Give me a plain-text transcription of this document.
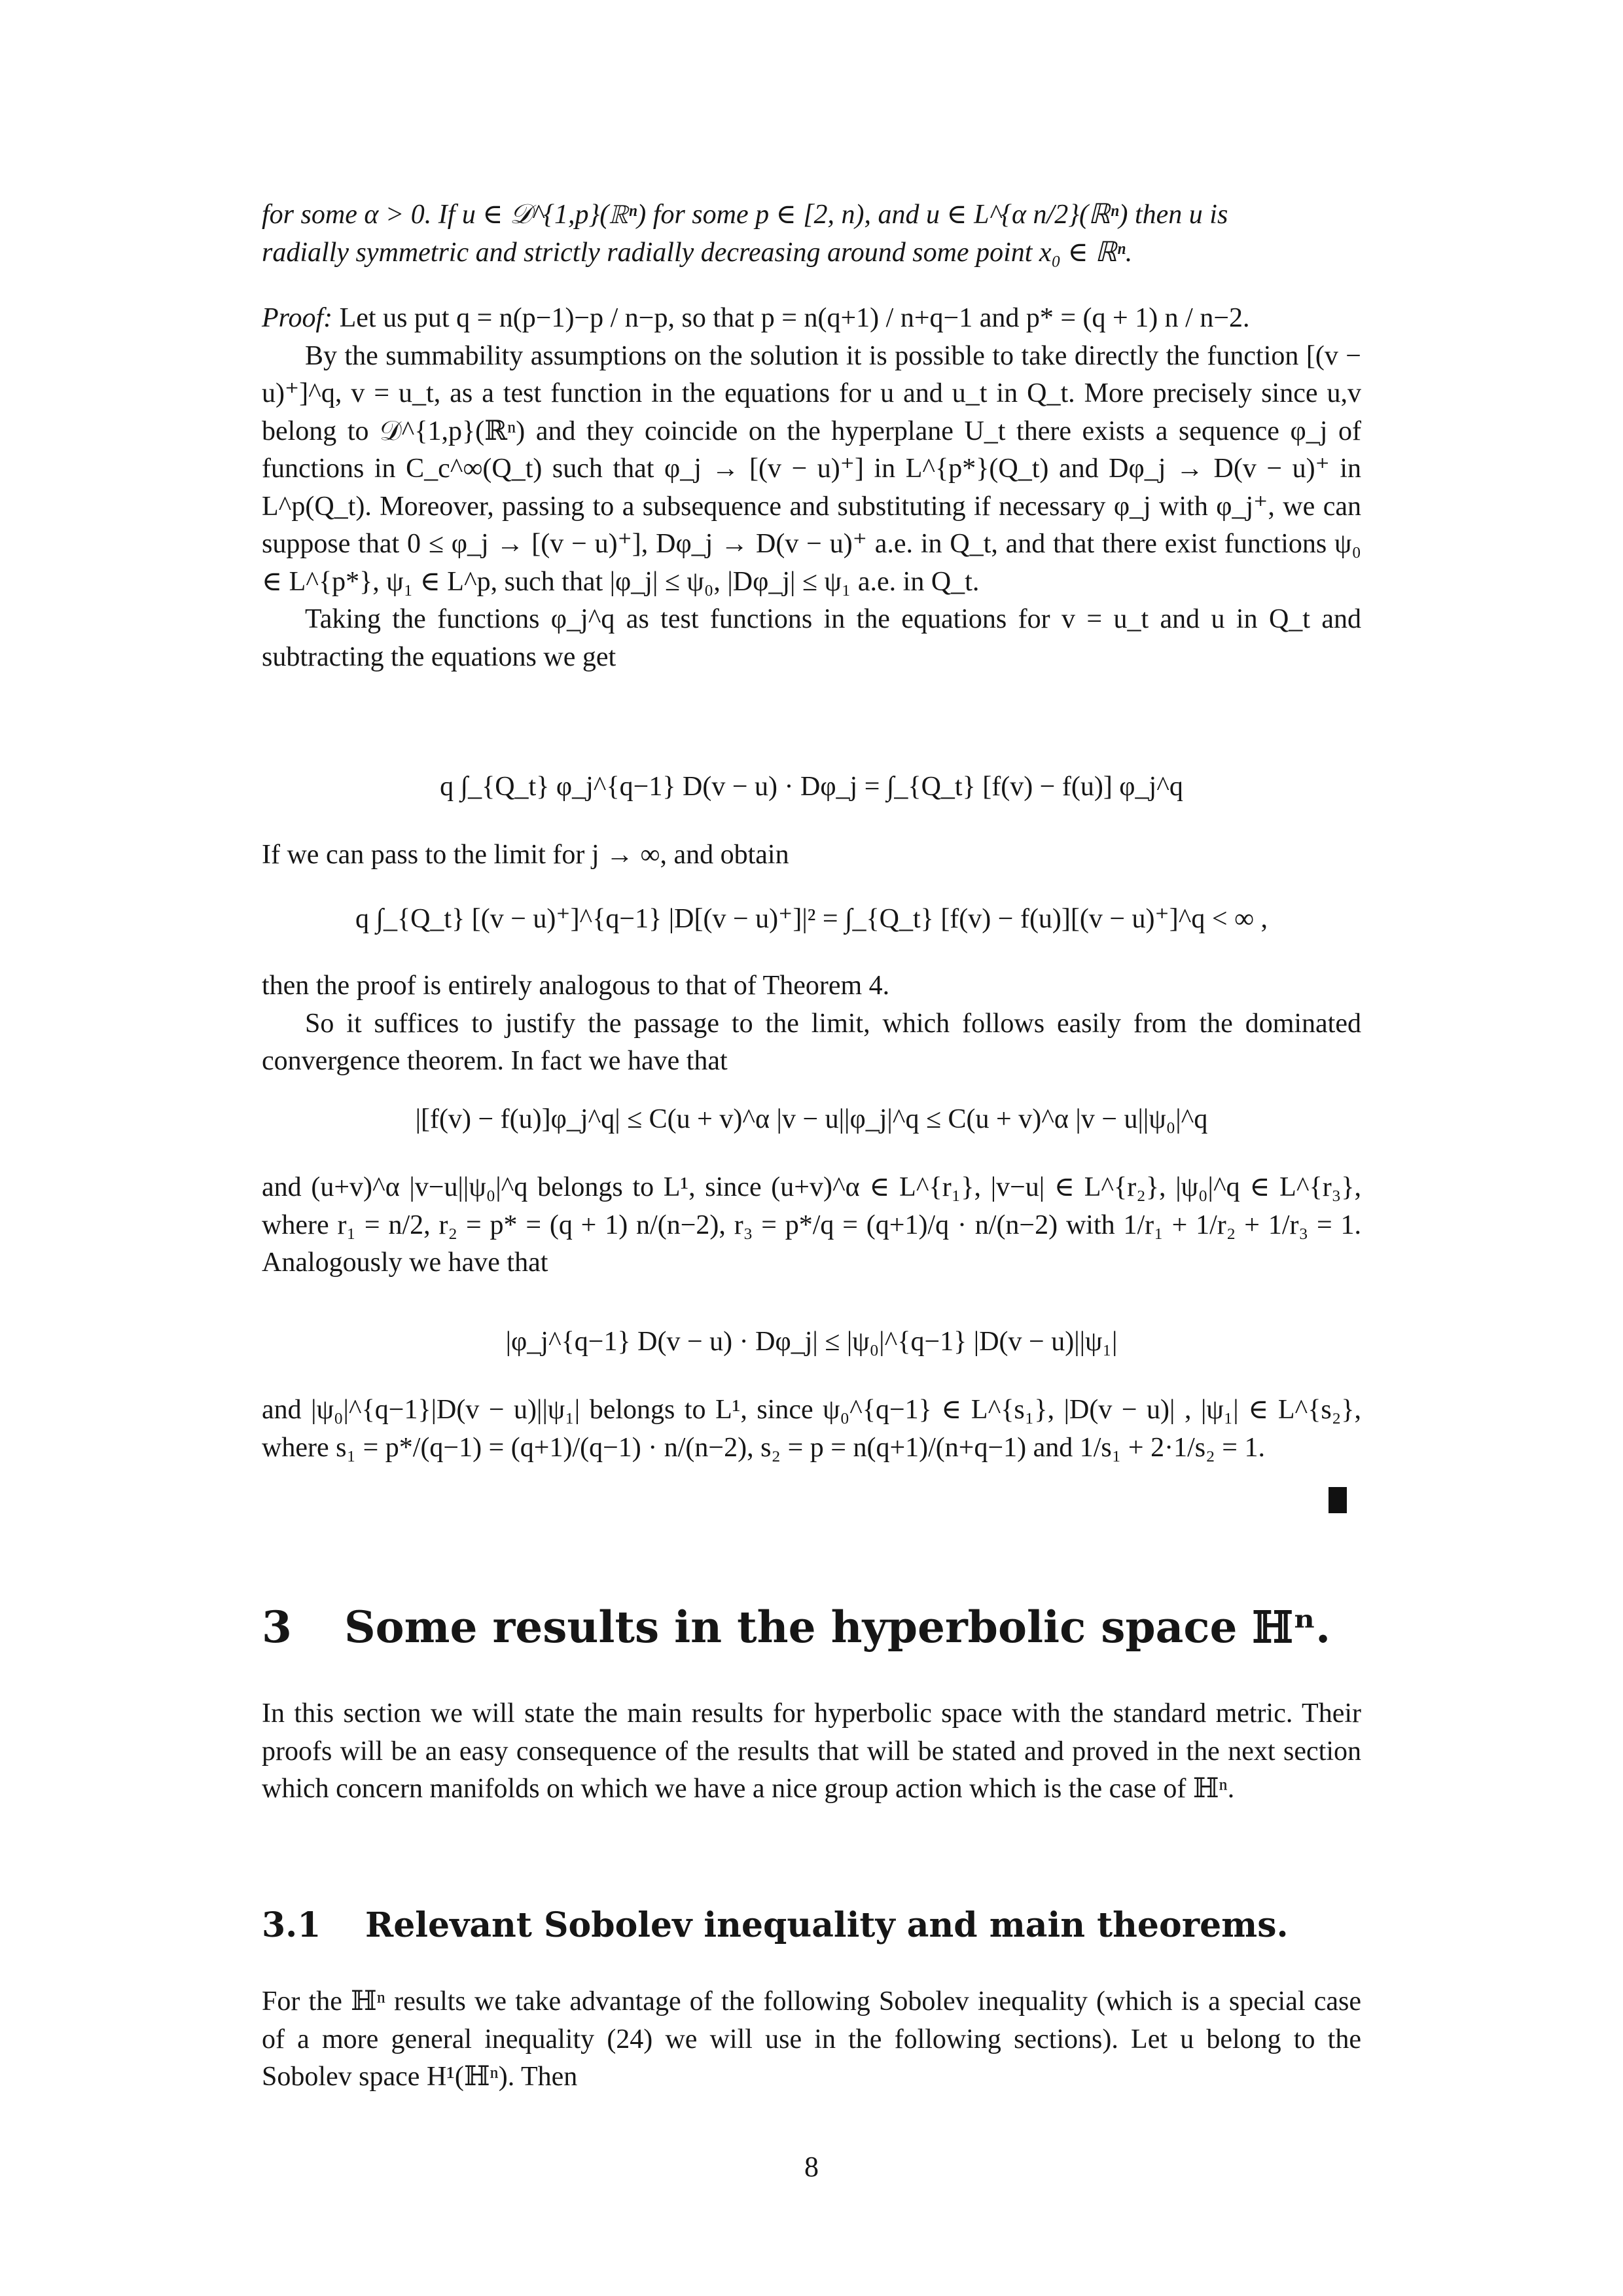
for some α > 0. If u ∈ 𝒟^{1,p}(ℝⁿ) for some p ∈ [2, n), and u ∈ L^{α n/2}(ℝⁿ) then u is

radially symmetric and strictly radially decreasing around some point x₀ ∈ ℝⁿ.

Proof: Let us put q = n(p−1)−p / n−p, so that p = n(q+1) / n+q−1 and p* = (q + 1) n / n−2.

By the summability assumptions on the solution it is possible to take directly the function [(v − u)⁺]^q, v = u_t, as a test function in the equations for u and u_t in Q_t. More precisely since u,v belong to 𝒟^{1,p}(ℝⁿ) and they coincide on the hyperplane U_t there exists a sequence φ_j of functions in C_c^∞(Q_t) such that φ_j → [(v − u)⁺] in L^{p*}(Q_t) and Dφ_j → D(v − u)⁺ in L^p(Q_t). Moreover, passing to a subsequence and substituting if necessary φ_j with φ_j⁺, we can suppose that 0 ≤ φ_j → [(v − u)⁺], Dφ_j → D(v − u)⁺ a.e. in Q_t, and that there exist functions ψ₀ ∈ L^{p*}, ψ₁ ∈ L^p, such that |φ_j| ≤ ψ₀, |Dφ_j| ≤ ψ₁ a.e. in Q_t.

Taking the functions φ_j^q as test functions in the equations for v = u_t and u in Q_t and subtracting the equations we get

q ∫_{Q_t} φ_j^{q−1} D(v − u) · Dφ_j = ∫_{Q_t} [f(v) − f(u)] φ_j^q

If we can pass to the limit for j → ∞, and obtain

q ∫_{Q_t} [(v − u)⁺]^{q−1} |D[(v − u)⁺]|² = ∫_{Q_t} [f(v) − f(u)][(v − u)⁺]^q < ∞ ,

then the proof is entirely analogous to that of Theorem 4.

So it suffices to justify the passage to the limit, which follows easily from the dominated convergence theorem. In fact we have that

|[f(v) − f(u)]φ_j^q| ≤ C(u + v)^α |v − u||φ_j|^q ≤ C(u + v)^α |v − u||ψ₀|^q

and (u+v)^α |v−u||ψ₀|^q belongs to L¹, since (u+v)^α ∈ L^{r₁}, |v−u| ∈ L^{r₂}, |ψ₀|^q ∈ L^{r₃}, where r₁ = n/2, r₂ = p* = (q + 1) n/(n−2), r₃ = p*/q = (q+1)/q · n/(n−2) with 1/r₁ + 1/r₂ + 1/r₃ = 1. Analogously we have that

|φ_j^{q−1} D(v − u) · Dφ_j| ≤ |ψ₀|^{q−1} |D(v − u)||ψ₁|

and |ψ₀|^{q−1}|D(v − u)||ψ₁| belongs to L¹, since ψ₀^{q−1} ∈ L^{s₁}, |D(v − u)| , |ψ₁| ∈ L^{s₂}, where s₁ = p*/(q−1) = (q+1)/(q−1) · n/(n−2), s₂ = p = n(q+1)/(n+q−1) and 1/s₁ + 2·1/s₂ = 1.

3 Some results in the hyperbolic space ℍⁿ.

In this section we will state the main results for hyperbolic space with the standard metric. Their proofs will be an easy consequence of the results that will be stated and proved in the next section which concern manifolds on which we have a nice group action which is the case of ℍⁿ.

3.1 Relevant Sobolev inequality and main theorems.

For the ℍⁿ results we take advantage of the following Sobolev inequality (which is a special case of a more general inequality (24) we will use in the following sections). Let u belong to the Sobolev space H¹(ℍⁿ). Then

8
